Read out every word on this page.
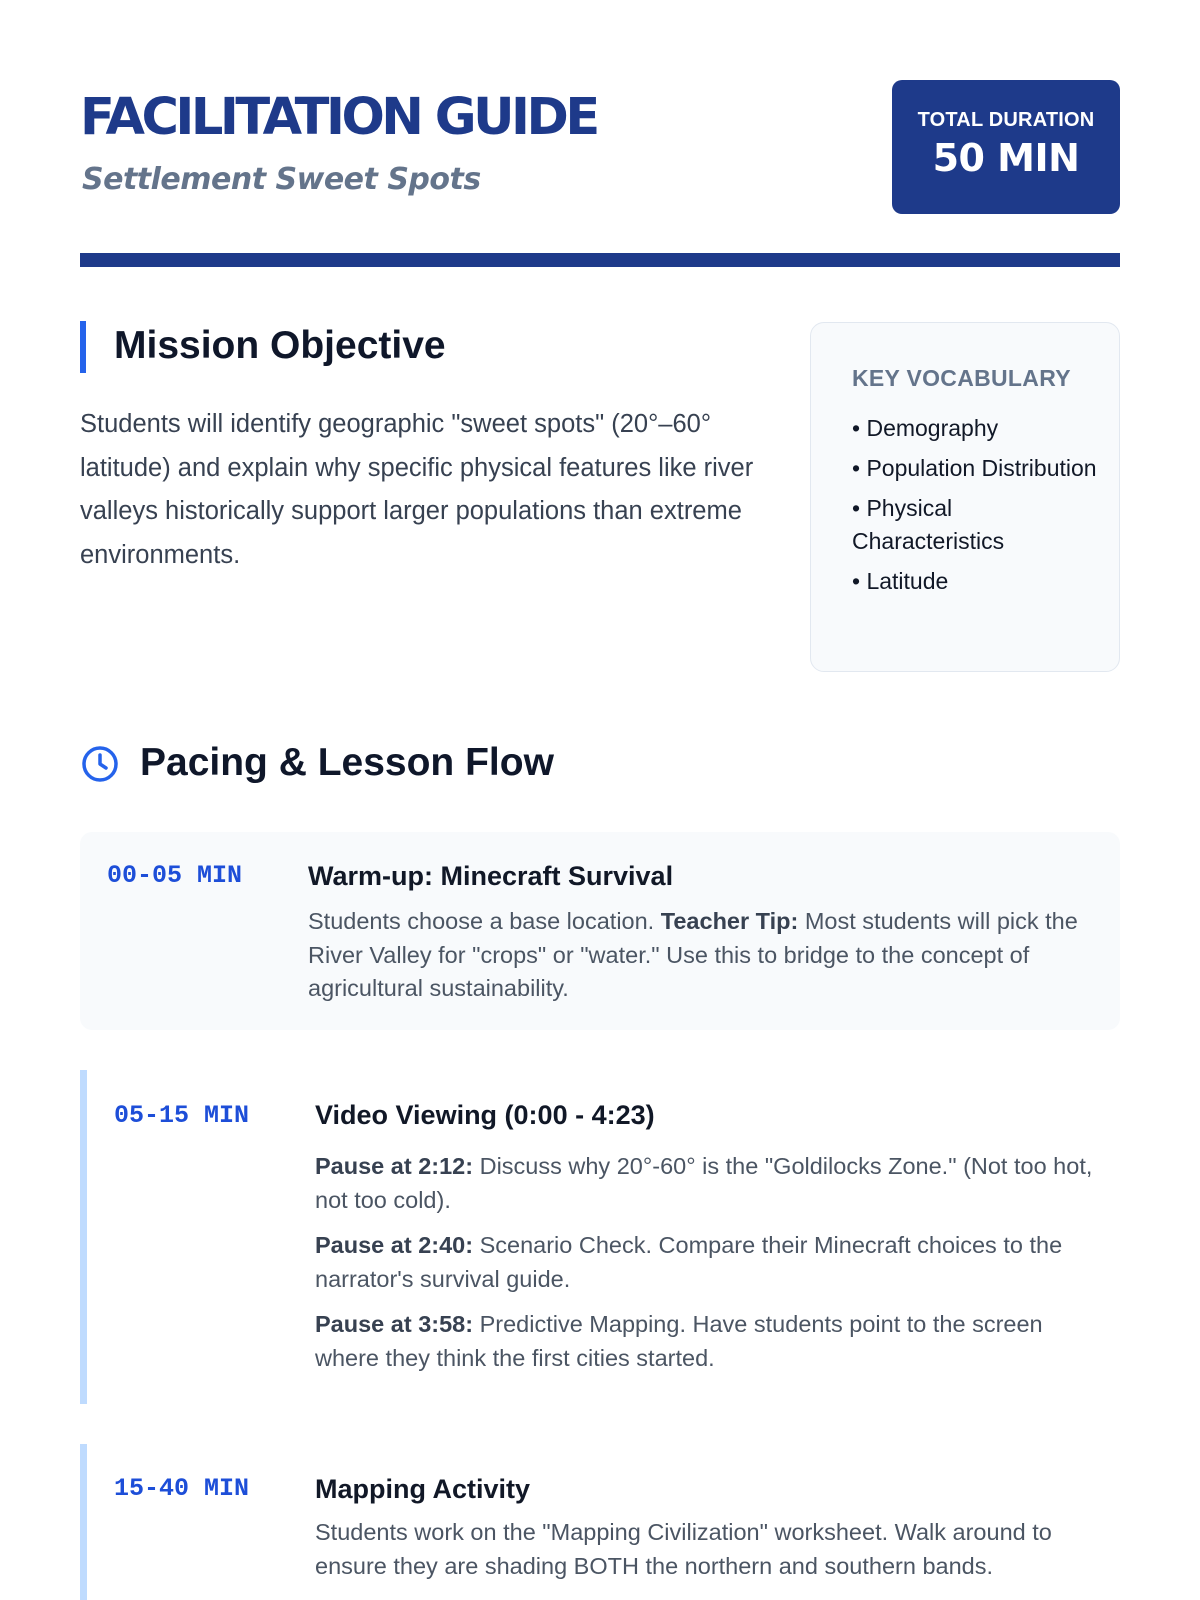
FACILITATION GUIDE
Settlement Sweet Spots
TOTAL DURATION
50 MIN
Mission Objective

Students will identify geographic "sweet spots" (20°–60° latitude) and explain why specific physical features like river valleys historically support larger populations than extreme environments.

KEY VOCABULARY
• Demography
• Population Distribution
• Physical Characteristics
• Latitude
Pacing & Lesson Flow
00-05 MIN Warm-up: Minecraft Survival
Students choose a base location. Teacher Tip: Most students will pick the River Valley for "crops" or "water." Use this to bridge to the concept of agricultural sustainability.
05-15 MIN Video Viewing (0:00 - 4:23)
Pause at 2:12: Discuss why 20°-60° is the "Goldilocks Zone." (Not too hot, not too cold).
Pause at 2:40: Scenario Check. Compare their Minecraft choices to the narrator's survival guide.
Pause at 3:58: Predictive Mapping. Have students point to the screen where they think the first cities started.
15-40 MIN Mapping Activity
Students work on the "Mapping Civilization" worksheet. Walk around to ensure they are shading BOTH the northern and southern bands.
